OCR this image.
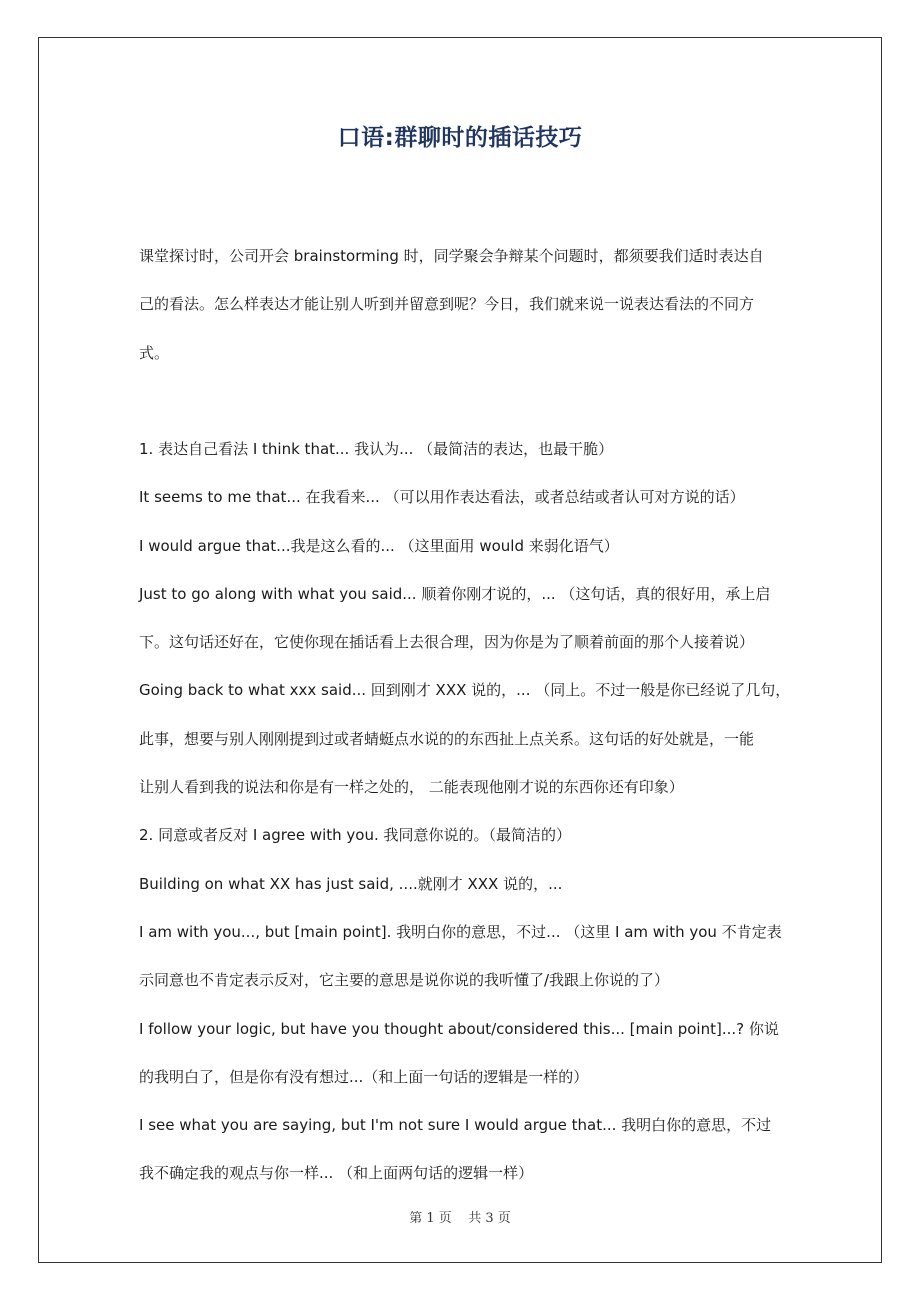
口语:群聊时的插话技巧
课堂探讨时，公司开会 brainstorming 时，同学聚会争辩某个问题时，都须要我们适时表达自
己的看法。怎么样表达才能让别人听到并留意到呢？今日，我们就来说一说表达看法的不同方
式。
1. 表达自己看法 I think that... 我认为... （最简洁的表达，也最干脆）
It seems to me that... 在我看来... （可以用作表达看法，或者总结或者认可对方说的话）
I would argue that...我是这么看的... （这里面用 would 来弱化语气）
Just to go along with what you said... 顺着你刚才说的，... （这句话，真的很好用，承上启
下。这句话还好在，它使你现在插话看上去很合理，因为你是为了顺着前面的那个人接着说）
Going back to what xxx said... 回到刚才 XXX 说的，... （同上。不过一般是你已经说了几句，
此事，想要与别人刚刚提到过或者蜻蜓点水说的的东西扯上点关系。这句话的好处就是，一能
让别人看到我的说法和你是有一样之处的， 二能表现他刚才说的东西你还有印象）
2. 同意或者反对 I agree with you. 我同意你说的。（最简洁的）
Building on what XX has just said, ....就刚才 XXX 说的，...
I am with you..., but [main point]. 我明白你的意思，不过... （这里 I am with you 不肯定表
示同意也不肯定表示反对，它主要的意思是说你说的我听懂了/我跟上你说的了）
I follow your logic, but have you thought about/considered this... [main point]...? 你说
的我明白了，但是你有没有想过...（和上面一句话的逻辑是一样的）
I see what you are saying, but I'm not sure I would argue that... 我明白你的意思，不过
我不确定我的观点与你一样... （和上面两句话的逻辑一样）
第 1 页    共 3 页
